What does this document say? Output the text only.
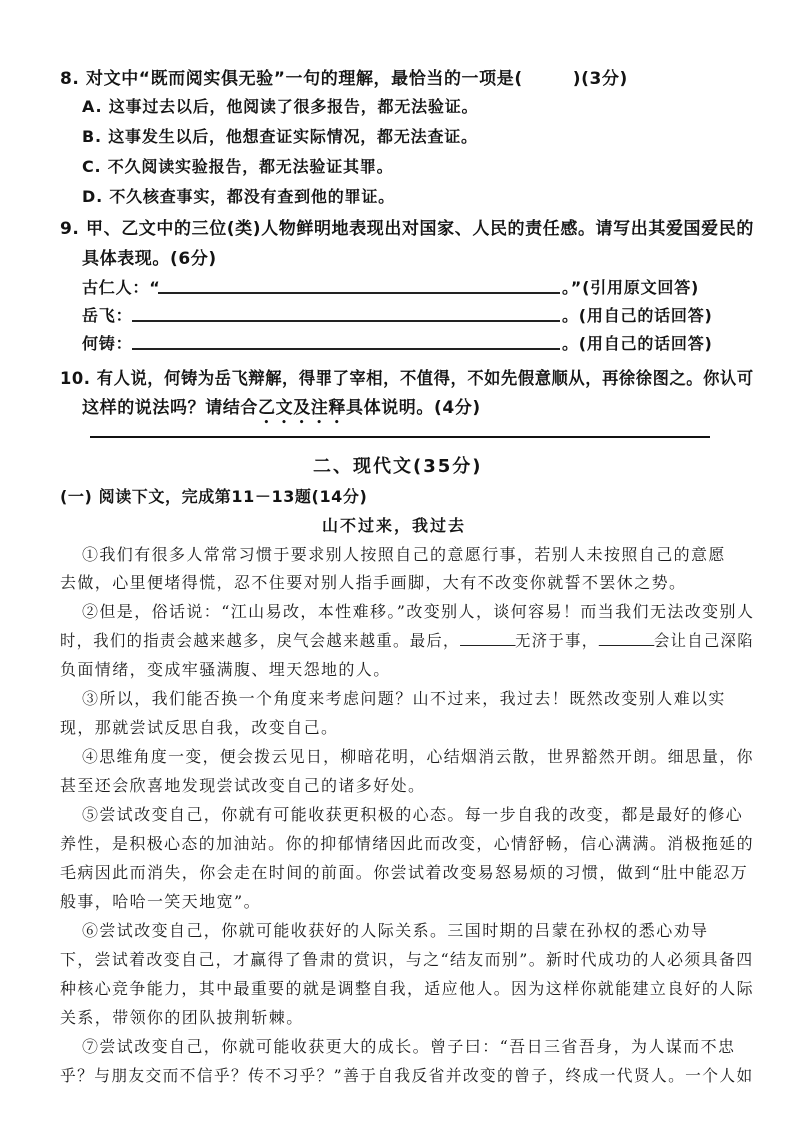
8. 对文中“既而阅实俱无验”一句的理解，最恰当的一项是(	)(3分)
A. 这事过去以后，他阅读了很多报告，都无法验证。
B. 这事发生以后，他想查证实际情况，都无法查证。
C. 不久阅读实验报告，都无法验证其罪。
D. 不久核查事实，都没有查到他的罪证。
9. 甲、乙文中的三位(类)人物鲜明地表现出对国家、人民的责任感。请写出其爱国爱民的
具体表现。(6分)
古仁人：“	。”(引用原文回答)
岳飞：	。(用自己的话回答)
何铸：	。(用自己的话回答)
10. 有人说，何铸为岳飞辩解，得罪了宰相，不值得，不如先假意顺从，再徐徐图之。你认可
这样的说法吗？请结合乙文及注释具体说明。(4分)
二、现代文(35分)
(一) 阅读下文，完成第11－13题(14分)
山不过来，我过去
①我们有很多人常常习惯于要求别人按照自己的意愿行事，若别人未按照自己的意愿
去做，心里便堵得慌，忍不住要对别人指手画脚，大有不改变你就誓不罢休之势。
②但是，俗话说：“江山易改，本性难移。”改变别人，谈何容易！而当我们无法改变别人
时，我们的指责会越来越多，戾气会越来越重。最后，	无济于事，	会让自己深陷
负面情绪，变成牢骚满腹、埋天怨地的人。
③所以，我们能否换一个角度来考虑问题？山不过来，我过去！既然改变别人难以实
现，那就尝试反思自我，改变自己。
④思维角度一变，便会拨云见日，柳暗花明，心结烟消云散，世界豁然开朗。细思量，你
甚至还会欣喜地发现尝试改变自己的诸多好处。
⑤尝试改变自己，你就有可能收获更积极的心态。每一步自我的改变，都是最好的修心
养性，是积极心态的加油站。你的抑郁情绪因此而改变，心情舒畅，信心满满。消极拖延的
毛病因此而消失，你会走在时间的前面。你尝试着改变易怒易烦的习惯，做到“肚中能忍万
般事，哈哈一笑天地宽”。
⑥尝试改变自己，你就可能收获好的人际关系。三国时期的吕蒙在孙权的悉心劝导
下，尝试着改变自己，才赢得了鲁肃的赏识，与之“结友而别”。新时代成功的人必须具备四
种核心竞争能力，其中最重要的就是调整自我，适应他人。因为这样你就能建立良好的人际
关系，带领你的团队披荆斩棘。
⑦尝试改变自己，你就可能收获更大的成长。曾子曰：“吾日三省吾身，为人谋而不忠
乎？与朋友交而不信乎？传不习乎？”善于自我反省并改变的曾子，终成一代贤人。一个人如
